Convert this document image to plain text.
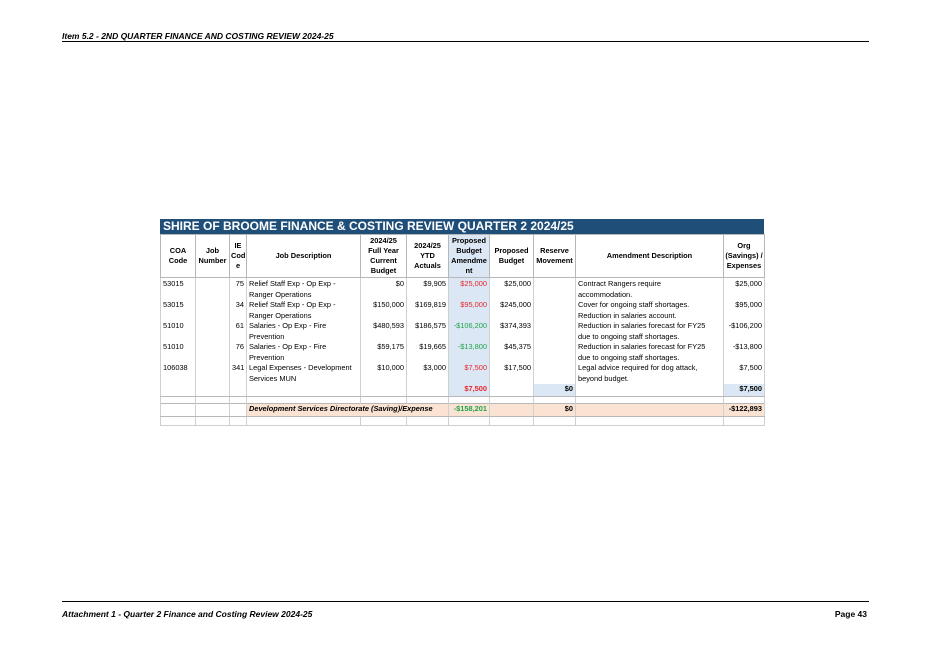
Item 5.2 - 2ND QUARTER FINANCE AND COSTING REVIEW 2024-25
SHIRE OF BROOME FINANCE & COSTING REVIEW QUARTER 2 2024/25
COA
Code	Job
Number	IE
Cod
e	Job Description	2024/25
Full Year
Current
Budget	2024/25
YTD
Actuals	Proposed
Budget
Amendme
nt	Proposed
Budget	Reserve
Movement	Amendment Description	Org
(Savings) /
Expenses
53015		75	Relief Staff Exp - Op Exp -
Ranger Operations	$0	$9,905	$25,000	$25,000		Contract Rangers require
accommodation.	$25,000
53015		34	Relief Staff Exp - Op Exp -
Ranger Operations	$150,000	$169,819	$95,000	$245,000		Cover for ongoing staff shortages.
Reduction in salaries account.	$95,000
51010		61	Salaries - Op Exp - Fire
Prevention	$480,593	$186,575	-$106,200	$374,393		Reduction in salaries forecast for FY25
due to ongoing staff shortages.	-$106,200
51010		76	Salaries - Op Exp - Fire
Prevention	$59,175	$19,665	-$13,800	$45,375		Reduction in salaries forecast for FY25
due to ongoing staff shortages.	-$13,800
106038		341	Legal Expenses - Development
Services MUN	$10,000	$3,000	$7,500	$17,500		Legal advice required for dog attack,
beyond budget.	$7,500
						$7,500		$0		$7,500

			Development Services Directorate (Saving)/Expense			-$158,201		$0		-$122,893

Attachment 1 - Quarter 2 Finance and Costing Review 2024-25	Page 43
